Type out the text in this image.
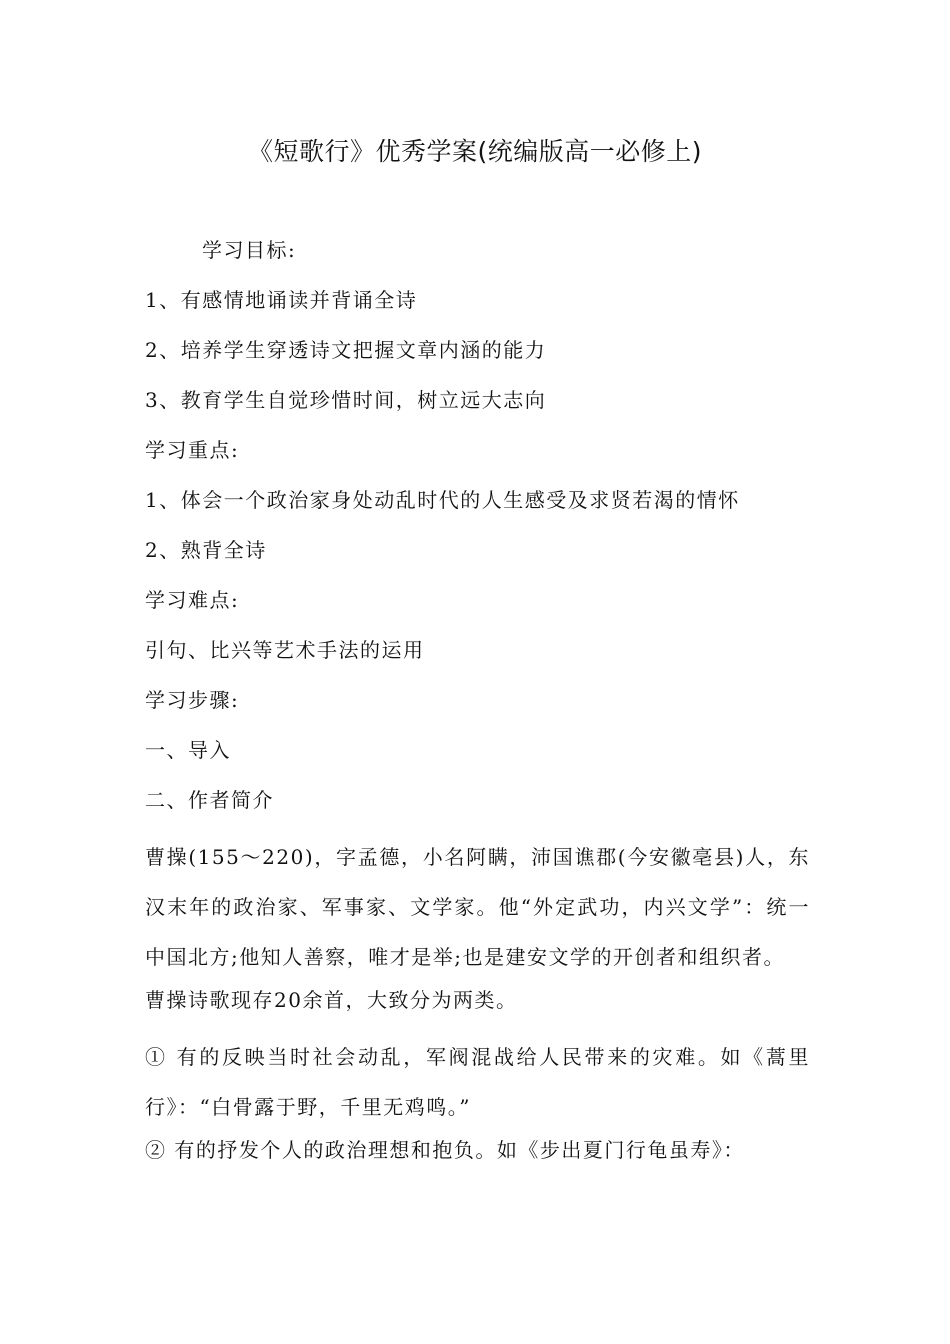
《短歌行》优秀学案(统编版高一必修上)
学习目标:
1、有感情地诵读并背诵全诗
2、培养学生穿透诗文把握文章内涵的能力
3、教育学生自觉珍惜时间，树立远大志向
学习重点:
1、体会一个政治家身处动乱时代的人生感受及求贤若渴的情怀
2、熟背全诗
学习难点:
引句、比兴等艺术手法的运用
学习步骤:
一、导入
二、作者简介
曹操(155～220)，字孟德，小名阿瞒，沛国谯郡(今安徽亳县)人，东汉末年的政治家、军事家、文学家。他“外定武功，内兴文学”：统一中国北方;他知人善察，唯才是举;也是建安文学的开创者和组织者。
曹操诗歌现存20余首，大致分为两类。
① 有的反映当时社会动乱，军阀混战给人民带来的灾难。如《蒿里行》：“白骨露于野，千里无鸡鸣。”
② 有的抒发个人的政治理想和抱负。如《步出夏门行龟虽寿》：
